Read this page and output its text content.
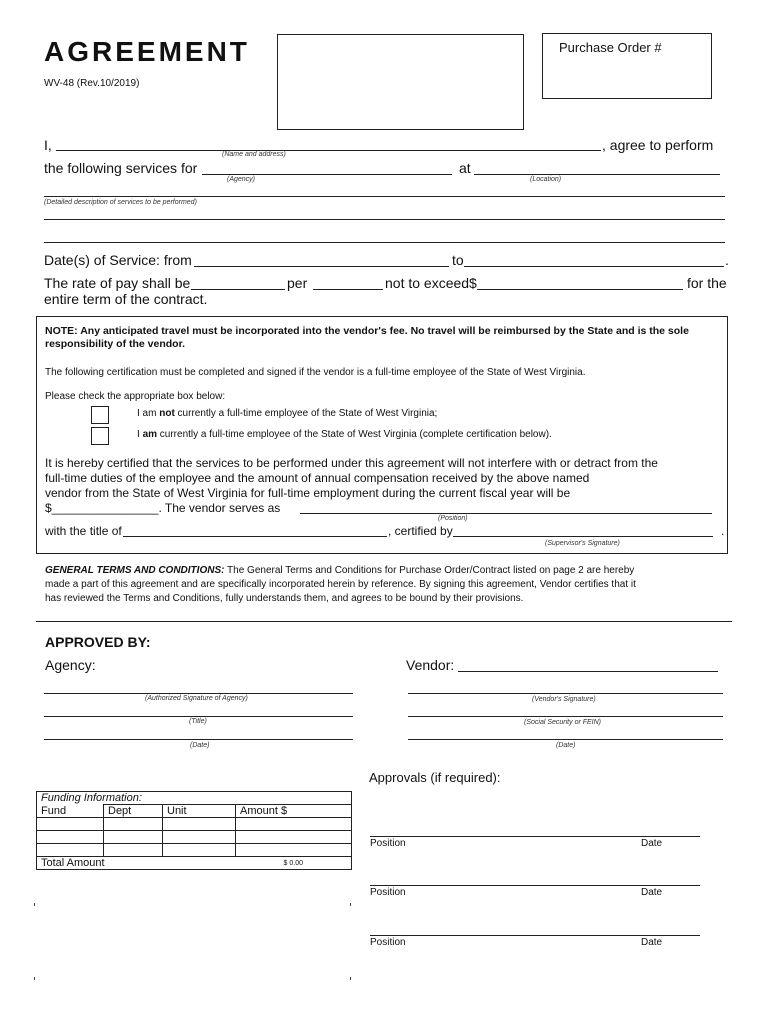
AGREEMENT
WV-48 (Rev.10/2019)
Purchase Order #
I,	, agree to perform
(Name and address)
the following services for	at
(Agency)	(Location)
(Detailed description of services to be performed)
Date(s) of Service: from	to	.
The rate of pay shall be	per	not to exceed$	for the
entire term of the contract.
NOTE: Any anticipated travel must be incorporated into the vendor's fee. No travel will be reimbursed by the State and is the sole responsibility of the vendor.
The following certification must be completed and signed if the vendor is a full-time employee of the State of West Virginia.
Please check the appropriate box below:
I am not currently a full-time employee of the State of West Virginia;
I am currently a full-time employee of the State of West Virginia (complete certification below).
It is hereby certified that the services to be performed under this agreement will not interfere with or detract from the
full-time duties of the employee and the amount of annual compensation received by the above named
vendor from the State of West Virginia for full-time employment during the current fiscal year will be
$________________. The vendor serves as
(Position)
with the title of	, certified by	.
(Supervisor's Signature)
GENERAL TERMS AND CONDITIONS: The General Terms and Conditions for Purchase Order/Contract listed on page 2 are hereby
made a part of this agreement and are specifically incorporated herein by reference. By signing this agreement, Vendor certifies that it
has reviewed the Terms and Conditions, fully understands them, and agrees to be bound by their provisions.
APPROVED BY:
Agency:	Vendor:
(Authorized Signature of Agency)
(Title)
(Date)
(Vendor's Signature)
(Social Security or FEIN)
(Date)
Approvals (if required):
Position	Date
Position	Date
Position	Date
Funding Information:			
Fund	Dept	Unit	Amount $

Total Amount			$ 0.00
